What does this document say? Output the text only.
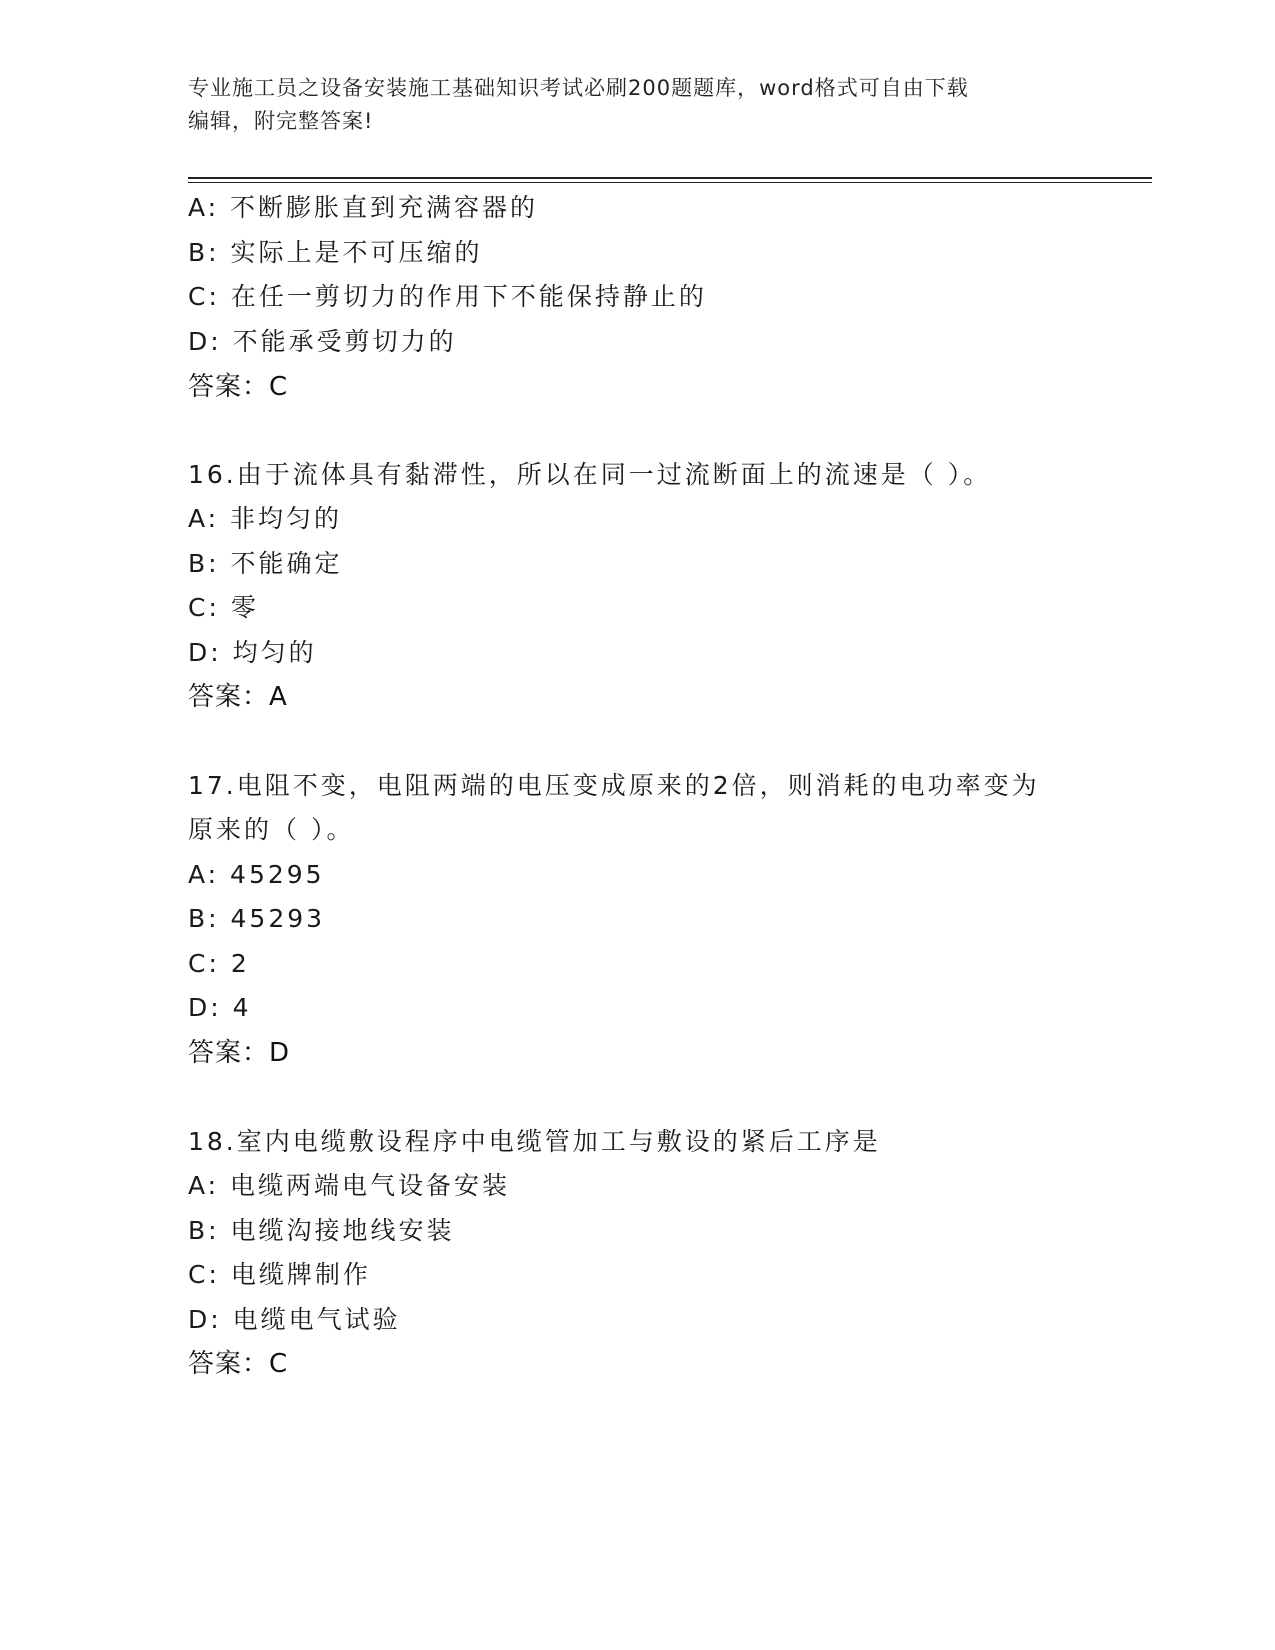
专业施工员之设备安装施工基础知识考试必刷200题题库，word格式可自由下载
编辑，附完整答案!
A: 不断膨胀直到充满容器的
B: 实际上是不可压缩的
C: 在任一剪切力的作用下不能保持静止的
D: 不能承受剪切力的
答案：C
16.由于流体具有黏滞性，所以在同一过流断面上的流速是（ ）。
A: 非均匀的
B: 不能确定
C: 零
D: 均匀的
答案：A
17.电阻不变，电阻两端的电压变成原来的2倍，则消耗的电功率变为
原来的（ ）。
A: 45295
B: 45293
C: 2
D: 4
答案：D
18.室内电缆敷设程序中电缆管加工与敷设的紧后工序是
A: 电缆两端电气设备安装
B: 电缆沟接地线安装
C: 电缆牌制作
D: 电缆电气试验
答案：C
